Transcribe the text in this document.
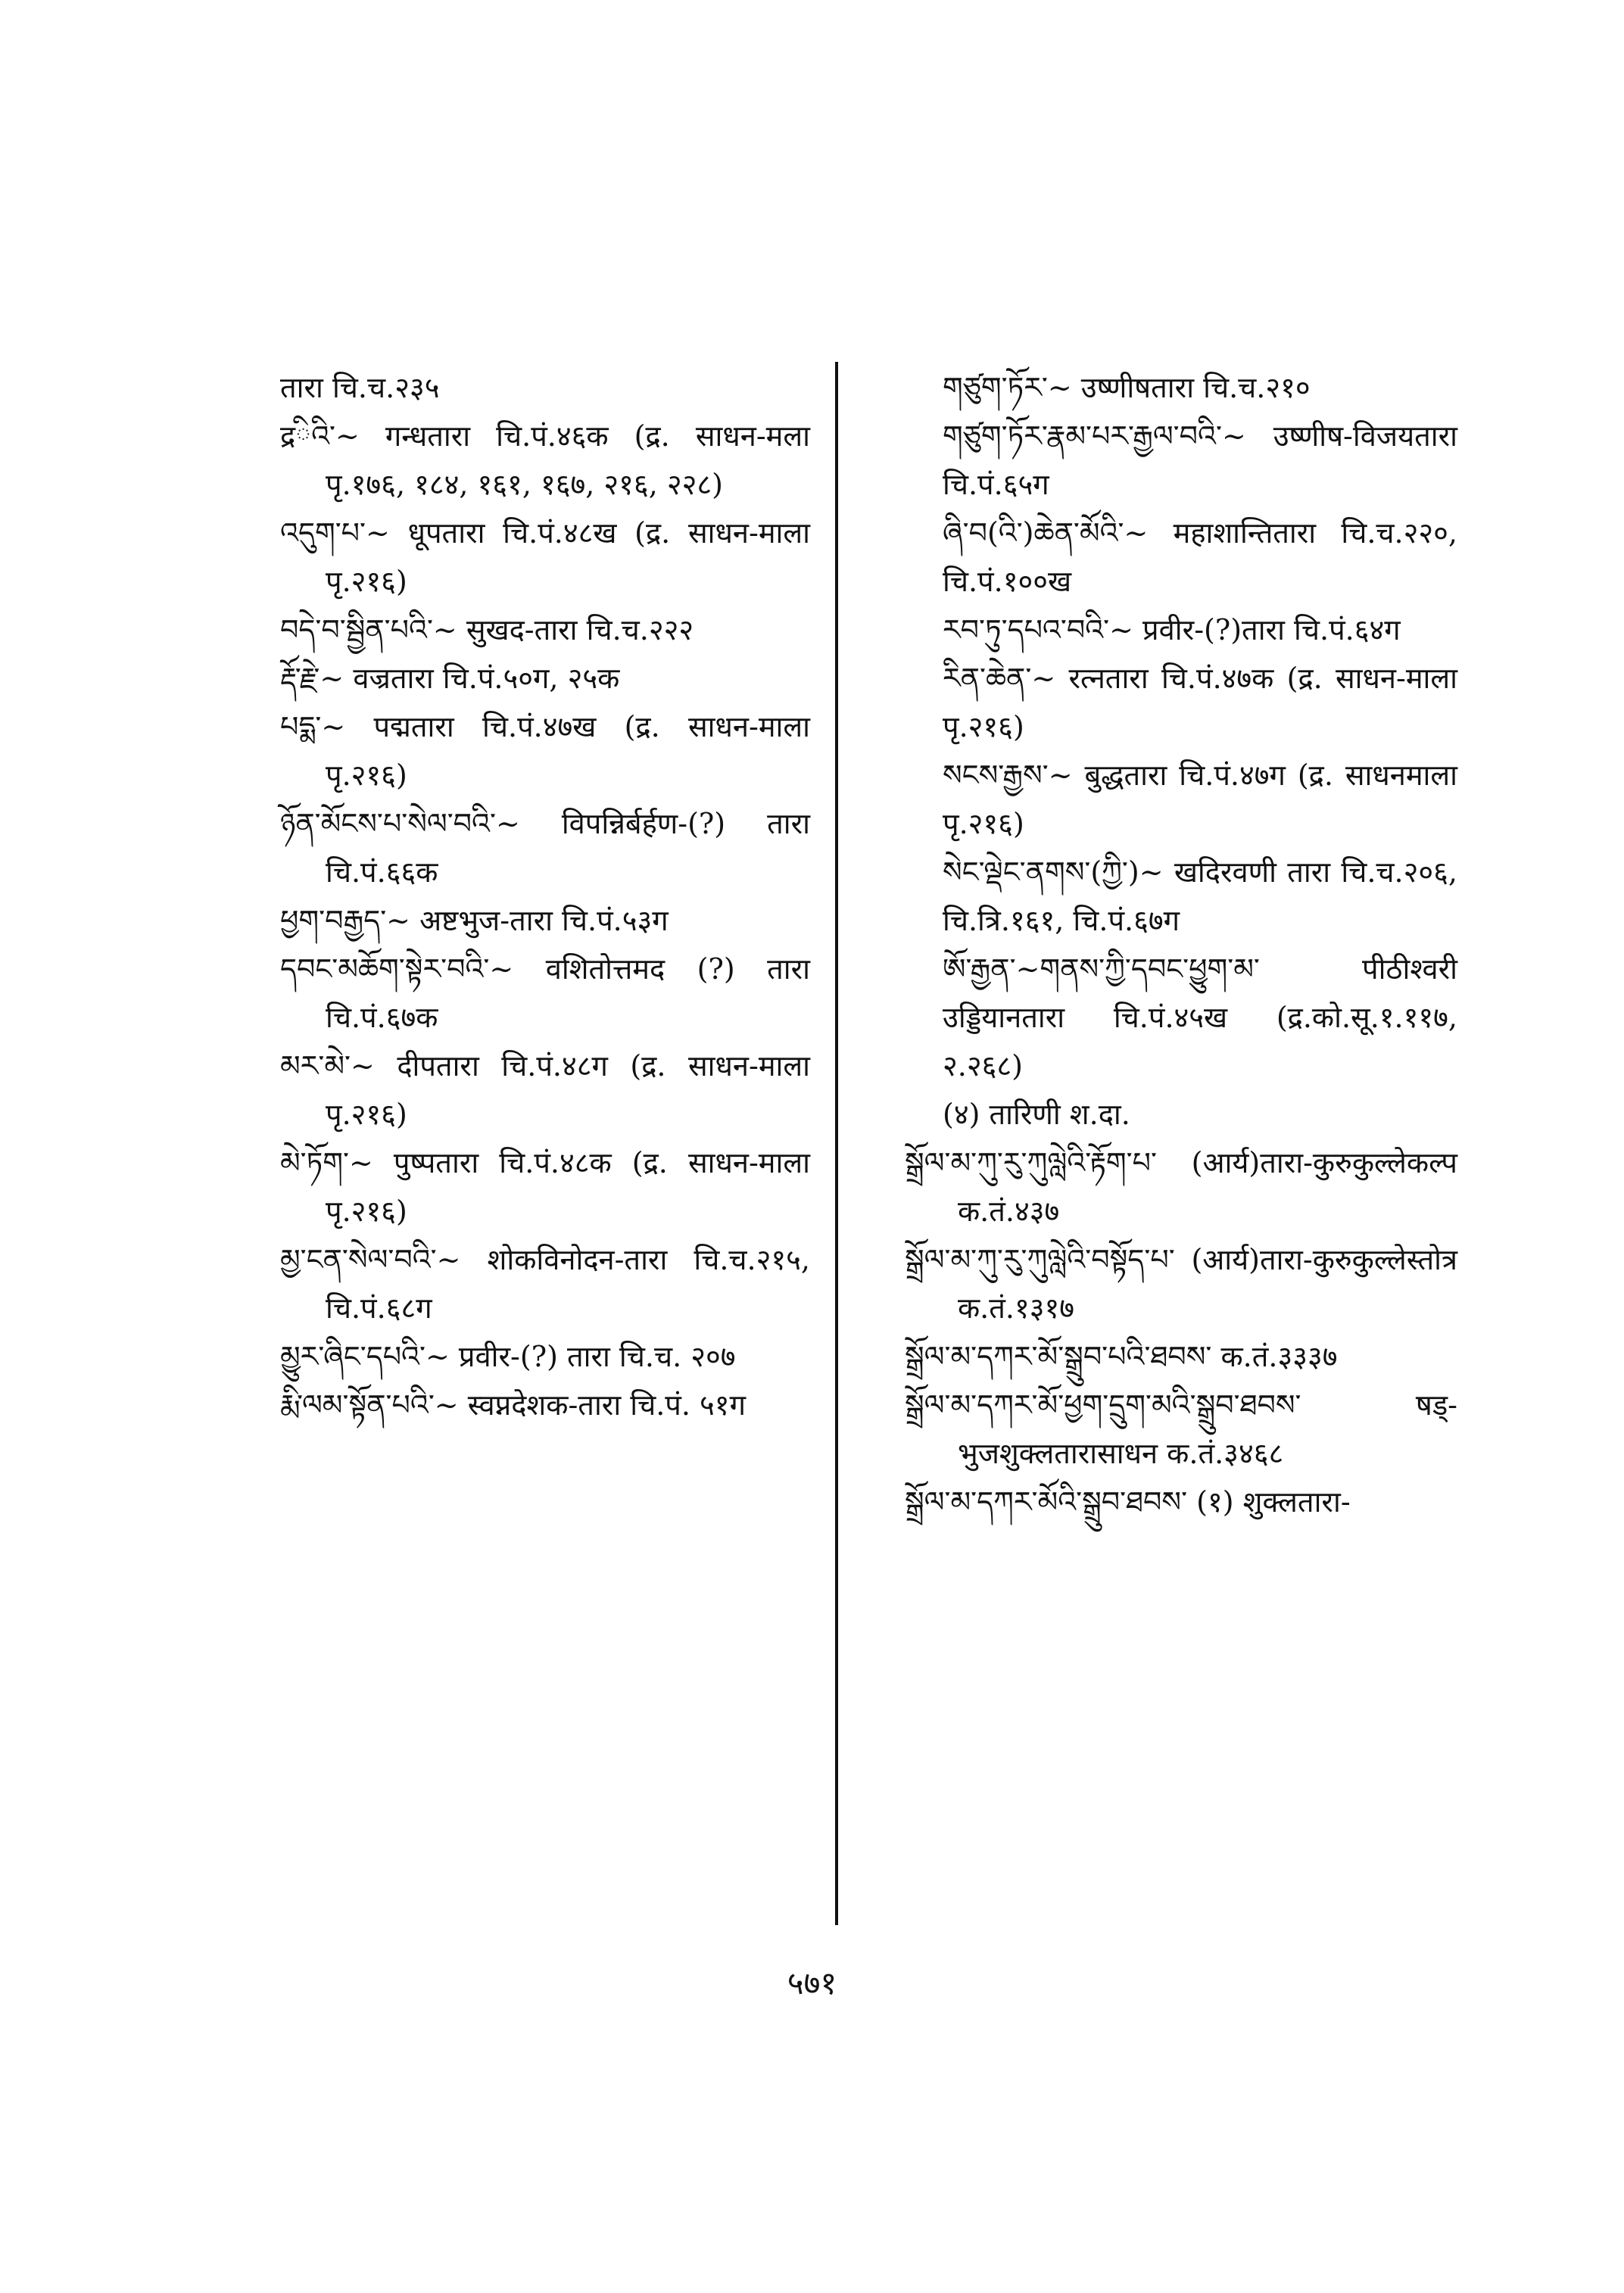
तारा चि.च.२३५

द्रིའི་~ गन्धतारा चि.पं.४६क (द्र. साधन-मला पृ.१७६, १८४, १६१, १६७, २१६, २२८)

འདུག་པ་~ धूपतारा चि.पं.४८ख (द्र. साधन-माला पृ.२१६)

བདེ་བ་སྦྱིན་པའི་~ सुखद-तारा चि.च.२२२

རྡོ་རྗེ་~ वज्रतारा चि.पं.५०ग, २५क

པདྨ་~ पद्मतारा चि.पं.४७ख (द्र. साधन-माला पृ.२१६)

ཉོན་མོངས་པ་སེལ་བའི་~ विपन्निर्बर्हण-(?) तारा चि.पं.६६क

ཕྱག་བརྒྱད་~ अष्टभुज-तारा चि.पं.५३ग

དབང་མཆོག་སྟེར་བའི་~ वशितोत्तमद (?) तारा चि.पं.६७क

མར་མེ་~ दीपतारा चि.पं.४८ग (द्र. साधन-माला पृ.२१६)

མེ་ཏོག་~ पुष्पतारा चि.पं.४८क (द्र. साधन-माला पृ.२१६)

མྱ་ངན་སེལ་བའི་~ शोकविनोदन-तारा चि.च.२१५, चि.पं.६८ग

མྱུར་ཞིང་དཔའི་~ प्रवीर-(?) तारा चि.च. २०७

རྨི་ལམ་སྟོན་པའི་~ स्वप्नदेशक-तारा चि.पं. ५१ग

གཙུག་ཏོར་~ उष्णीषतारा चि.च.२१०

གཙུག་ཏོར་རྣམ་པར་རྒྱལ་བའི་~ उष्णीष-विजयतारा चि.पं.६५ग

ཞི་བ(འི་)ཆེན་མོའི་~ महाशान्तितारा चि.च.२२०, चि.पं.१००ख

རབ་ཏུ་དཔའ་བའི་~ प्रवीर-(?)तारा चि.पं.६४ग

རིན་ཆེན་~ रत्नतारा चि.पं.४७क (द्र. साधन-माला पृ.२१६)

སངས་རྒྱས་~ बुद्धतारा चि.पं.४७ग (द्र. साधनमाला पृ.२१६)

སེང་ལྡེང་ནགས་(ཀྱི་)~ खदिरवणी तारा चि.च.२०६, चि.त्रि.१६१, चि.पं.६७ग

ཨོ་རྒྱན་~གནས་ཀྱི་དབང་ཕྱུག་མ་ पीठीश्वरी उड्डियानतारा चि.पं.४५ख (द्र.को.सू.१.११७, २.२६८)

(४) तारिणी श.दा.

སྒྲོལ་མ་ཀུ་རུ་ཀུལླེའི་རྟོག་པ་ (आर्य)तारा-कुरुकुल्लेकल्प क.तं.४३७

སྒྲོལ་མ་ཀུ་རུ་ཀུལླེའི་བསྟོད་པ་ (आर्य)तारा-कुरुकुल्लेस्तोत्र क.तं.१३१७

སྒྲོལ་མ་དཀར་མོ་སྒྲུབ་པའི་ཐབས་ क.तं.३३३७

སྒྲོལ་མ་དཀར་མོ་ཕྱག་དྲུག་མའི་སྒྲུབ་ཐབས་ षड्-भुजशुक्लतारासाधन क.तं.३४६८

སྒྲོལ་མ་དཀར་མོའི་སྒྲུབ་ཐབས་ (१) शुक्लतारा-

५७१
